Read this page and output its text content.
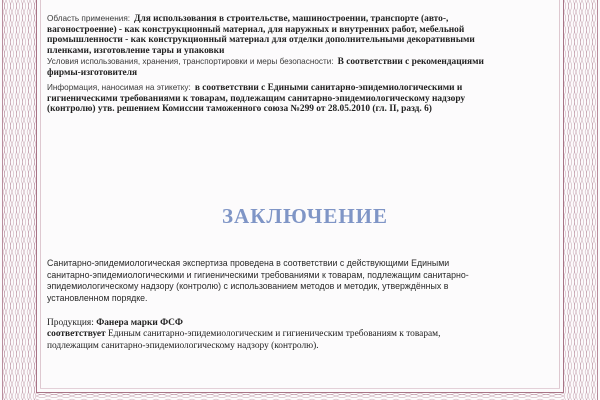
Область применения: Для использования в строительстве, машиностроении, транспорте (авто-,
вагоностроение) - как конструкционный материал, для наружных и внутренних работ, мебельной
промышленности - как конструкционный материал для отделки дополнительными декоративными
пленками, изготовление тары и упаковки
Условия использования, хранения, транспортировки и меры безопасности: В соответствии с рекомендациями
фирмы-изготовителя
Информация, наносимая на этикетку: в соответствии с Едиными санитарно-эпидемиологическими и
гигиеническими требованиями к товарам, подлежащим санитарно-эпидемиологическому надзору
(контролю) утв. решением Комиссии таможенного союза №299 от 28.05.2010 (гл. II, разд. 6)
ЗАКЛЮЧЕНИЕ
Санитарно-эпидемиологическая экспертиза проведена в соответствии с действующими Едиными
санитарно-эпидемиологическими и гигиеническими требованиями к товарам, подлежащим санитарно-
эпидемиологическому надзору (контролю) с использованием методов и методик, утверждённых в
установленном порядке.
Продукция: Фанера марки ФСФ
соответствует Единым санитарно-эпидемиологическим и гигиеническим требованиям к товарам,
подлежащим санитарно-эпидемиологическому надзору (контролю).
